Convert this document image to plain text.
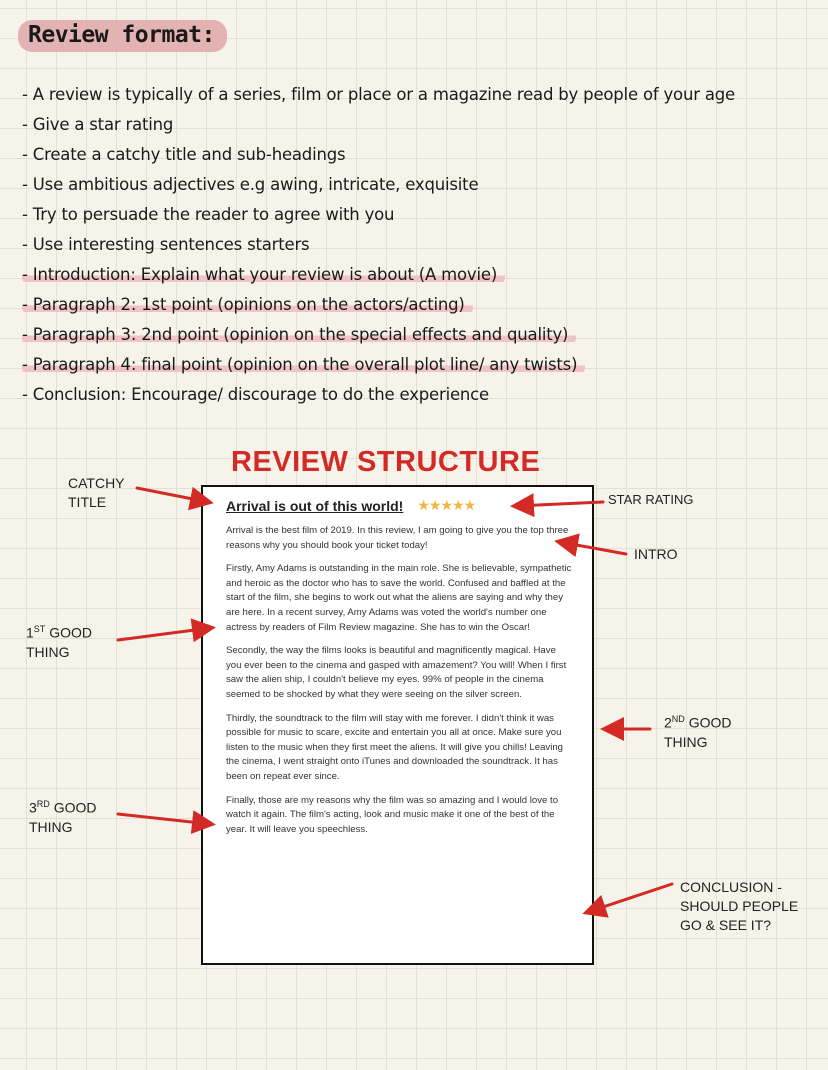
Review format:
- A review is typically of a series, film or place or a magazine read by people of your age
- Give a star rating
- Create a catchy title and sub-headings
- Use ambitious adjectives e.g awing, intricate, exquisite
- Try to persuade the reader to agree with you
- Use interesting sentences starters
- Introduction: Explain what your review is about (A movie)
- Paragraph 2: 1st point (opinions on the actors/acting)
- Paragraph 3: 2nd point (opinion on the special effects and quality)
- Paragraph 4: final point (opinion on the overall plot line/ any twists)
- Conclusion: Encourage/ discourage to do the experience
REVIEW STRUCTURE
Arrival is out of this world! ★★★★★

Arrival is the best film of 2019. In this review, I am going to give you the top three reasons why you should book your ticket today!

Firstly, Amy Adams is outstanding in the main role. She is believable, sympathetic and heroic as the doctor who has to save the world. Confused and baffled at the start of the film, she begins to work out what the aliens are saying and why they are here. In a recent survey, Amy Adams was voted the world's number one actress by readers of Film Review magazine. She has to win the Oscar!

Secondly, the way the films looks is beautiful and magnificently magical. Have you ever been to the cinema and gasped with amazement? You will! When I first saw the alien ship, I couldn't believe my eyes. 99% of people in the cinema seemed to be shocked by what they were seeing on the silver screen.

Thirdly, the soundtrack to the film will stay with me forever. I didn't think it was possible for music to scare, excite and entertain you all at once. Make sure you listen to the music when they first meet the aliens. It will give you chills! Leaving the cinema, I went straight onto iTunes and downloaded the soundtrack. It has been on repeat ever since.

Finally, those are my reasons why the film was so amazing and I would love to watch it again. The film's acting, look and music make it one of the best of the year. It will leave you speechless.

CATCHY
TITLE	STAR RATING
INTRO
1ST GOOD
THING
2ND GOOD
THING
3RD GOOD
THING
CONCLUSION -
SHOULD PEOPLE
GO & SEE IT?
